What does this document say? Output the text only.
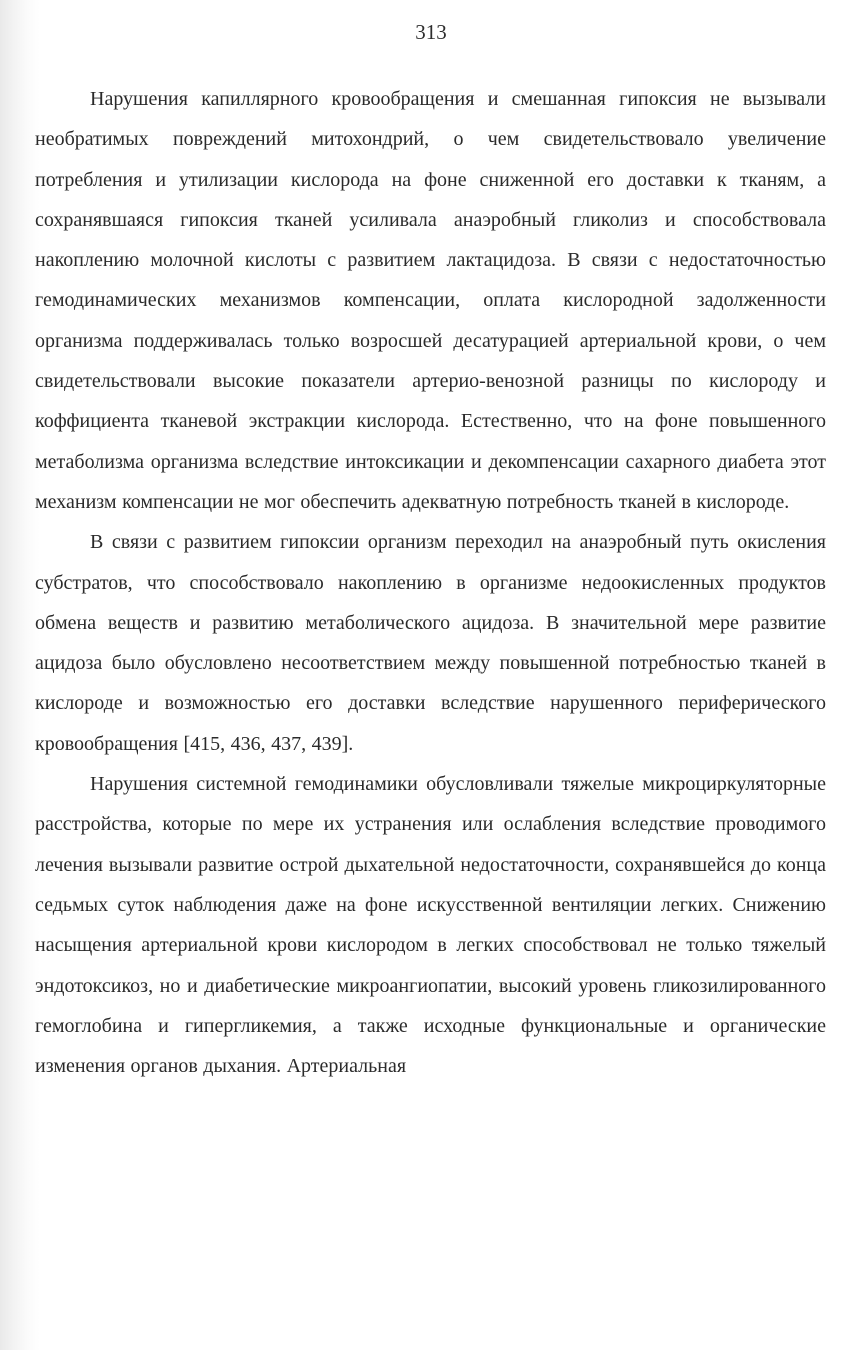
313

Нарушения капиллярного кровообращения и смешанная гипоксия не вызывали необратимых повреждений митохондрий, о чем свидетельствовало увеличение потребления и утилизации кислорода на фоне сниженной его доставки к тканям, а сохранявшаяся гипоксия тканей усиливала анаэробный гликолиз и способствовала накоплению молочной кислоты с развитием лактацидоза. В связи с недостаточностью гемодинамических механизмов компенсации, оплата кислородной задолженности организма поддерживалась только возросшей десатурацией артериальной крови, о чем свидетельствовали высокие показатели артерио-венозной разницы по кислороду и коффициента тканевой экстракции кислорода. Естественно, что на фоне повышенного метаболизма организма вследствие интоксикации и декомпенсации сахарного диабета этот механизм компенсации не мог обеспечить адекватную потребность тканей в кислороде.

В связи с развитием гипоксии организм переходил на анаэробный путь окисления субстратов, что способствовало накоплению в организме недоокисленных продуктов обмена веществ и развитию метаболического ацидоза. В значительной мере развитие ацидоза было обусловлено несоответствием между повышенной потребностью тканей в кислороде и возможностью его доставки вследствие нарушенного периферического кровообращения [415, 436, 437, 439].

Нарушения системной гемодинамики обусловливали тяжелые микроциркуляторные расстройства, которые по мере их устранения или ослабления вследствие проводимого лечения вызывали развитие острой дыхательной недостаточности, сохранявшейся до конца седьмых суток наблюдения даже на фоне искусственной вентиляции легких. Снижению насыщения артериальной крови кислородом в легких способствовал не только тяжелый эндотоксикоз, но и диабетические микроангиопатии, высокий уровень гликозилированного гемоглобина и гипергликемия, а также исходные функциональные и органические изменения органов дыхания. Артериальная
